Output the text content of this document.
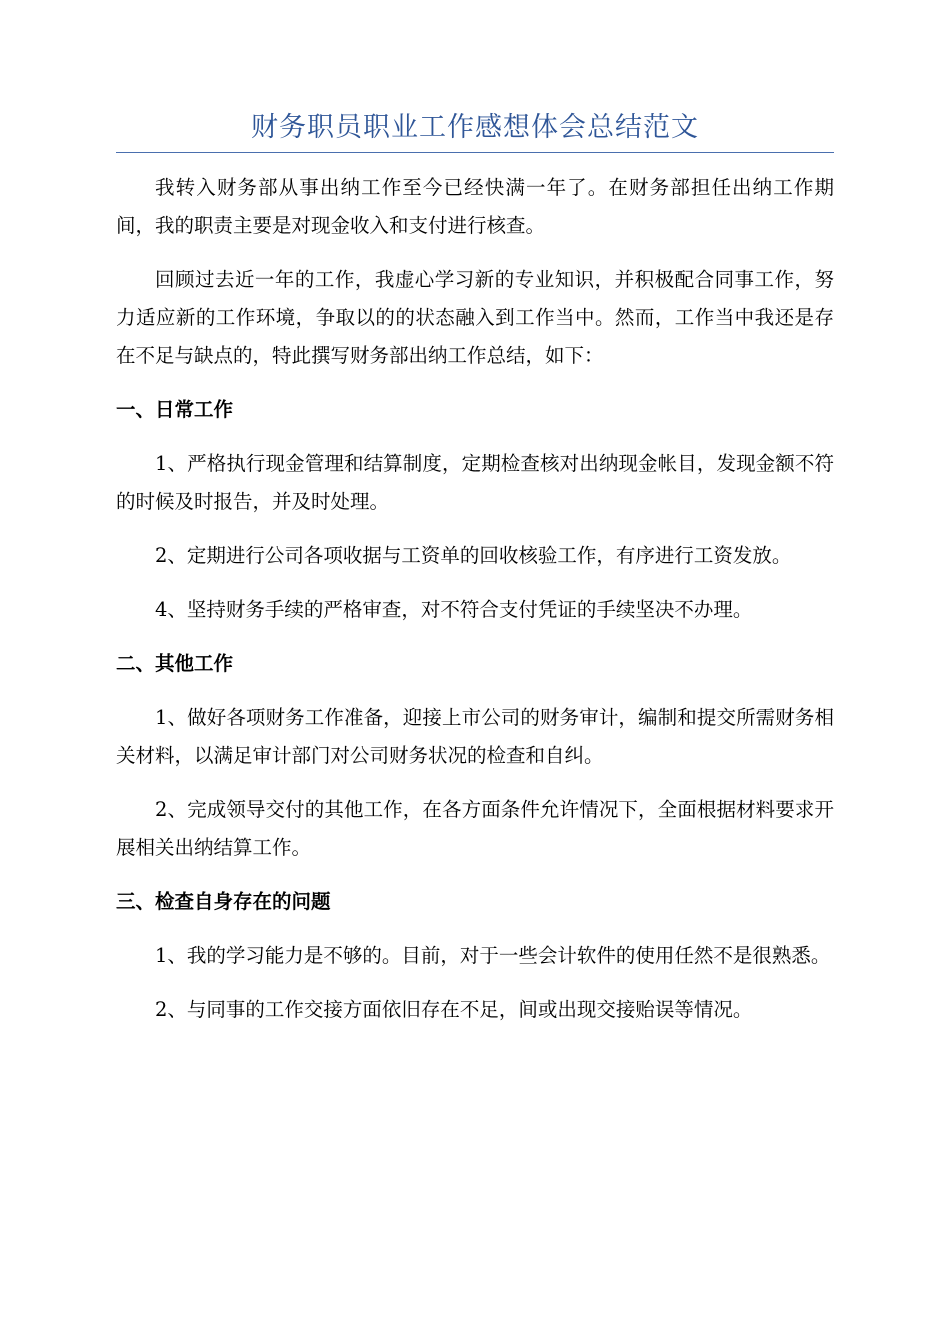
财务职员职业工作感想体会总结范文

我转入财务部从事出纳工作至今已经快满一年了。在财务部担任出纳工作期间，我的职责主要是对现金收入和支付进行核查。

回顾过去近一年的工作，我虚心学习新的专业知识，并积极配合同事工作，努力适应新的工作环境，争取以的的状态融入到工作当中。然而，工作当中我还是存在不足与缺点的，特此撰写财务部出纳工作总结，如下：

一、日常工作

1、严格执行现金管理和结算制度，定期检查核对出纳现金帐目，发现金额不符的时候及时报告，并及时处理。

2、定期进行公司各项收据与工资单的回收核验工作，有序进行工资发放。

4、坚持财务手续的严格审查，对不符合支付凭证的手续坚决不办理。

二、其他工作

1、做好各项财务工作准备，迎接上市公司的财务审计，编制和提交所需财务相关材料，以满足审计部门对公司财务状况的检查和自纠。

2、完成领导交付的其他工作，在各方面条件允许情况下，全面根据材料要求开展相关出纳结算工作。

三、检查自身存在的问题

1、我的学习能力是不够的。目前，对于一些会计软件的使用任然不是很熟悉。

2、与同事的工作交接方面依旧存在不足，间或出现交接贻误等情况。
